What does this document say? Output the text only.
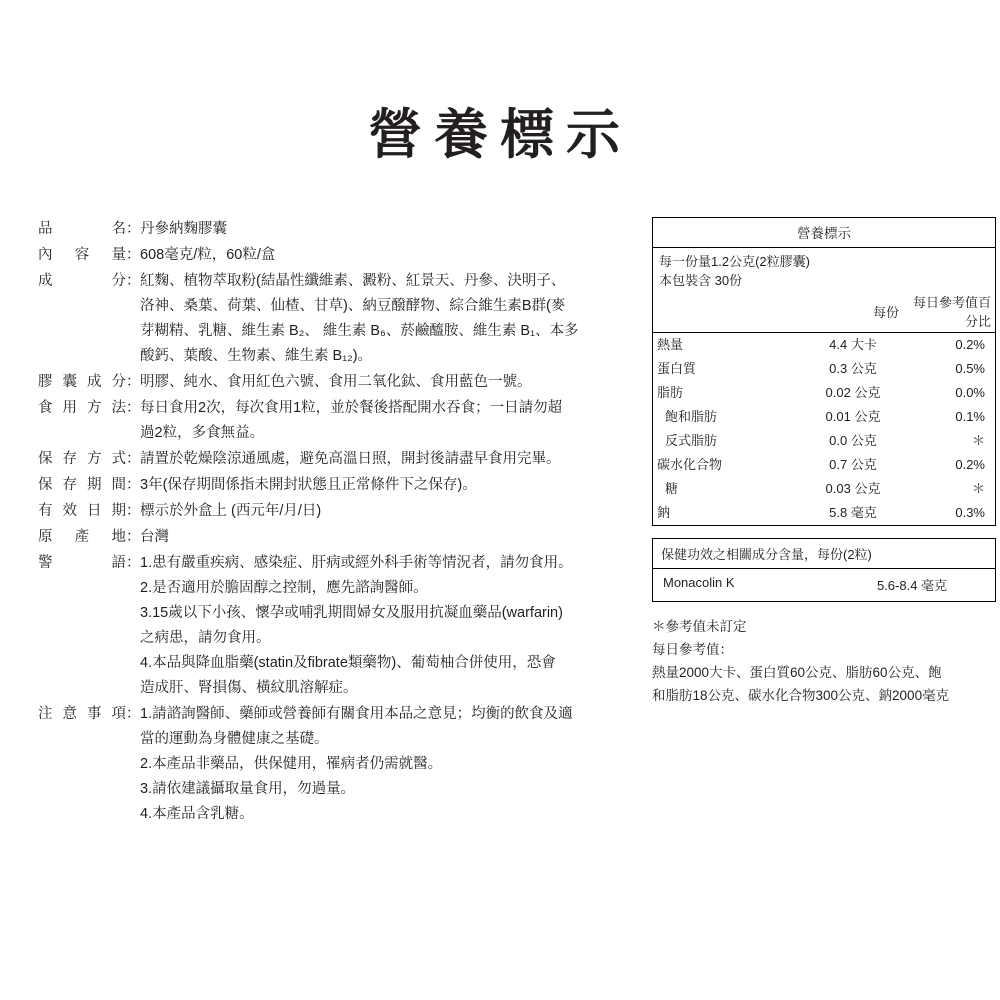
營養標示
品名 ： 丹參納麴膠囊
內容量 ： 608毫克/粒，60粒/盒
成分 ： 紅麴、植物萃取粉(結晶性纖維素、澱粉、紅景天、丹參、決明子、
洛神、桑葉、荷葉、仙楂、甘草)、納豆醱酵物、綜合維生素B群(麥
芽糊精、乳糖、維生素 B₂、 維生素 B₆、菸鹼醯胺、維生素 B₁、本多
酸鈣、葉酸、生物素、維生素 B₁₂)。
膠囊成分 ： 明膠、純水、食用紅色六號、食用二氧化鈦、食用藍色一號。
食用方法 ： 每日食用2次，每次食用1粒，並於餐後搭配開水吞食；一日請勿超
過2粒，多食無益。
保存方式 ： 請置於乾燥陰涼通風處，避免高溫日照，開封後請盡早食用完畢。
保存期間 ： 3年(保存期間係指未開封狀態且正常條件下之保存)。
有效日期 ： 標示於外盒上 (西元年/月/日)
原產地 ： 台灣
警語 ： 1.患有嚴重疾病、感染症、肝病或經外科手術等情況者，請勿食用。
2.是否適用於膽固醇之控制，應先諮詢醫師。
3.15歲以下小孩、懷孕或哺乳期間婦女及服用抗凝血藥品(warfarin)
之病患，請勿食用。
4.本品與降血脂藥(statin及fibrate類藥物)、葡萄柚合併使用，恐會
造成肝、腎損傷、橫紋肌溶解症。
注意事項 ： 1.請諮詢醫師、藥師或營養師有關食用本品之意見；均衡的飲食及適
當的運動為身體健康之基礎。
2.本產品非藥品，供保健用，罹病者仍需就醫。
3.請依建議攝取量食用，勿過量。
4.本產品含乳糖。
營養標示
每一份量1.2公克(2粒膠囊)
本包裝含 30份
	每份	每日參考值百分比
熱量	4.4 大卡	0.2%
蛋白質	0.3 公克	0.5%
脂肪	0.02 公克	0.0%
飽和脂肪	0.01 公克	0.1%
反式脂肪	0.0 公克	＊
碳水化合物	0.7 公克	0.2%
糖	0.03 公克	＊
鈉	5.8 毫克	0.3%
保健功效之相關成分含量，每份(2粒)
Monacolin K	5.6-8.4 毫克
＊參考值未訂定
每日參考值：
熱量2000大卡、蛋白質60公克、脂肪60公克、飽
和脂肪18公克、碳水化合物300公克、鈉2000毫克
